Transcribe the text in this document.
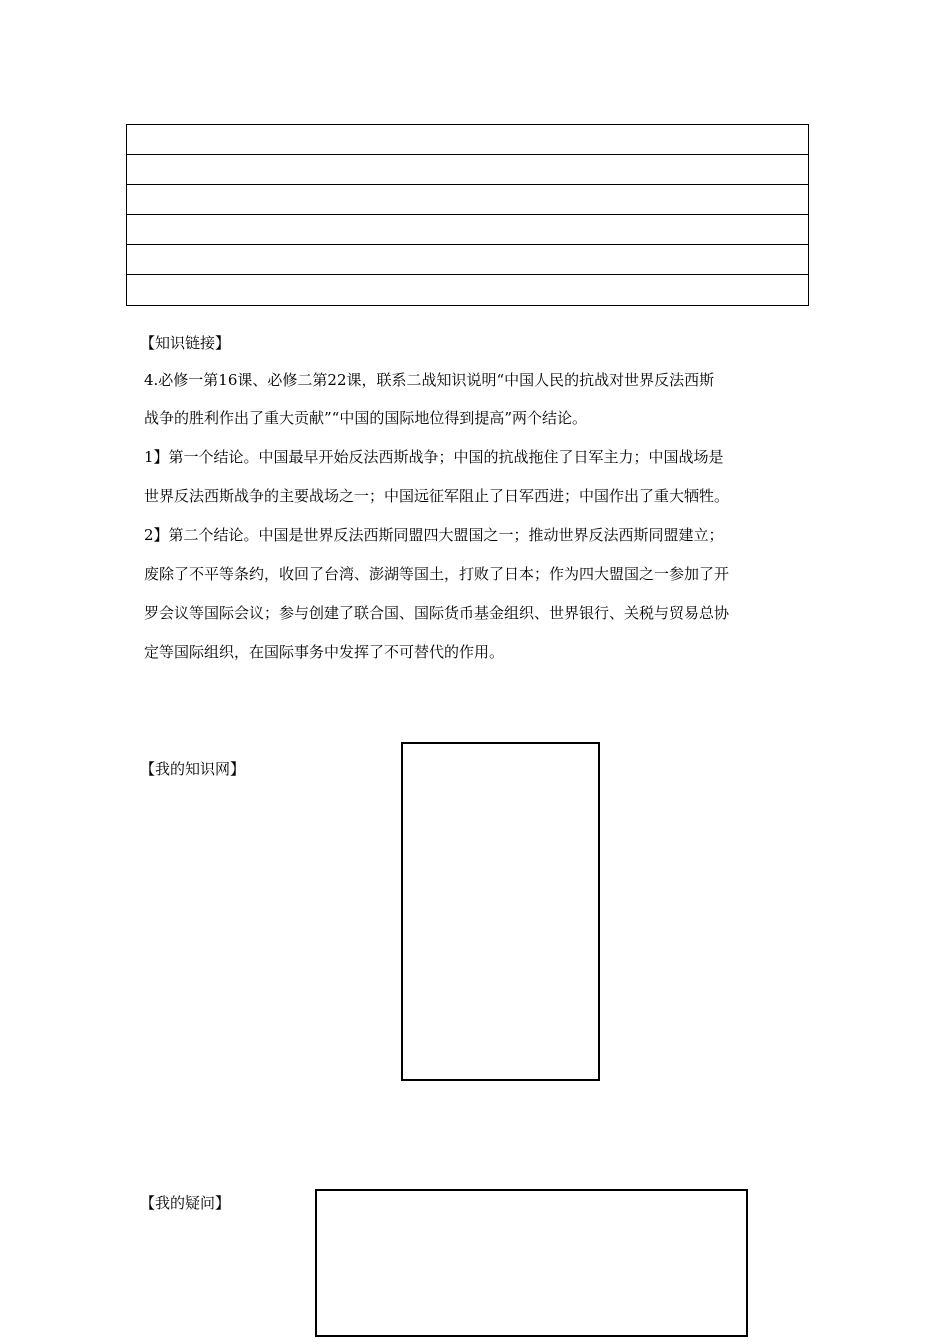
【知识链接】
4.必修一第16课、必修二第22课，联系二战知识说明“中国人民的抗战对世界反法西斯
战争的胜利作出了重大贡献”“中国的国际地位得到提高”两个结论。
1】第一个结论。中国最早开始反法西斯战争；中国的抗战拖住了日军主力；中国战场是
世界反法西斯战争的主要战场之一；中国远征军阻止了日军西进；中国作出了重大牺牲。
2】第二个结论。中国是世界反法西斯同盟四大盟国之一；推动世界反法西斯同盟建立；
废除了不平等条约，收回了台湾、澎湖等国土，打败了日本；作为四大盟国之一参加了开
罗会议等国际会议；参与创建了联合国、国际货币基金组织、世界银行、关税与贸易总协
定等国际组织，在国际事务中发挥了不可替代的作用。
【我的知识网】
【我的疑问】
